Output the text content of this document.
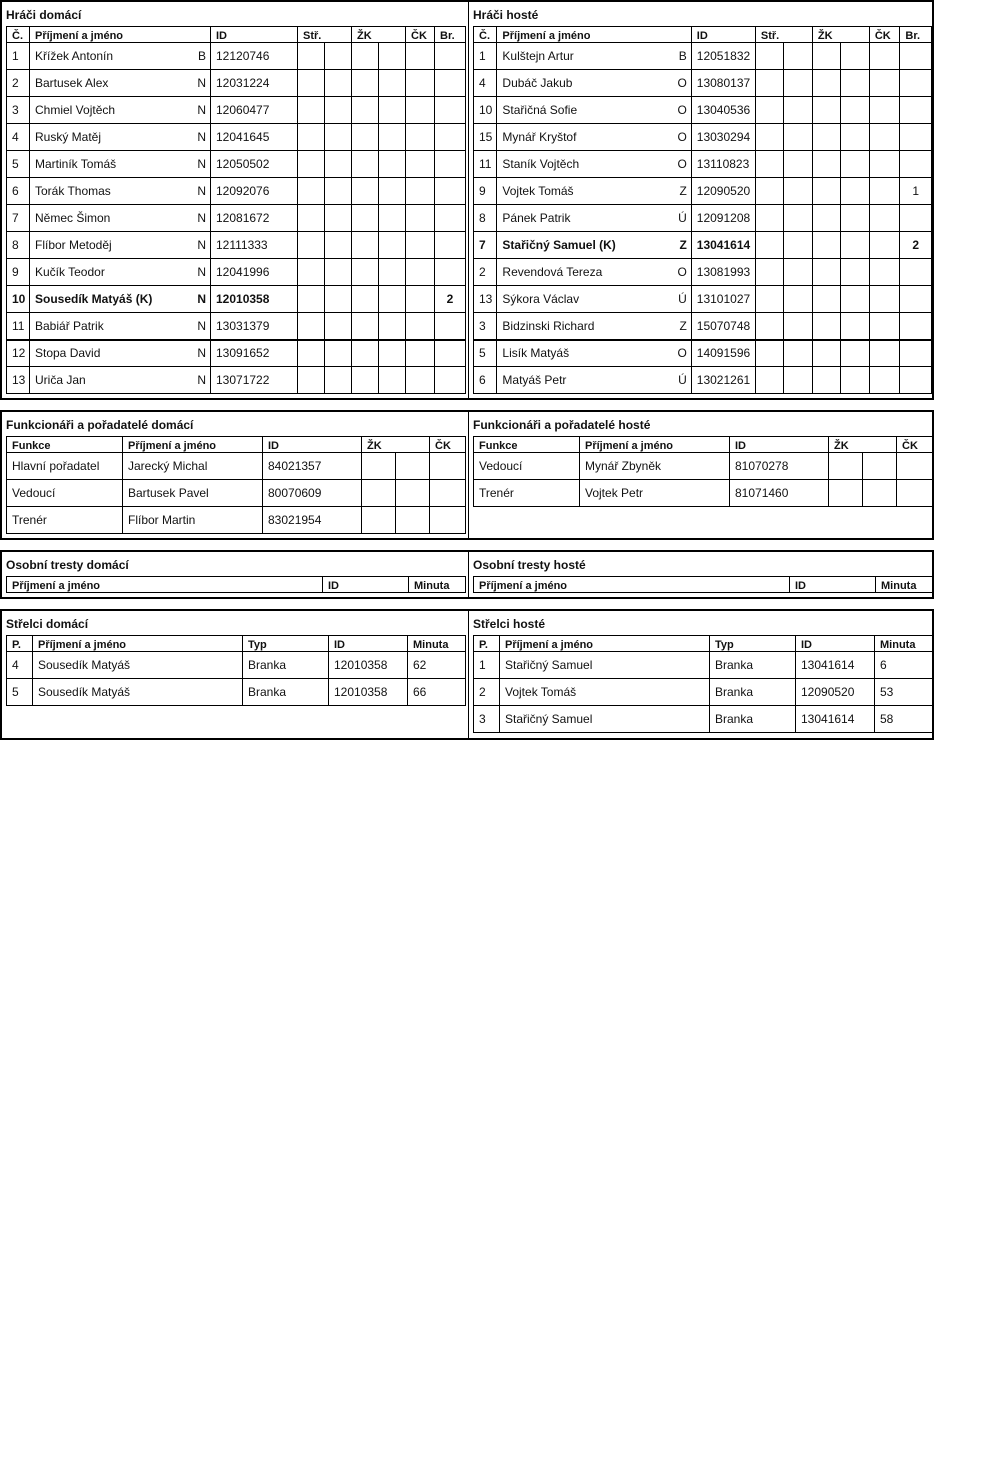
Hráči domácí
Č.	Příjmení a jméno	ID	Stř.		ŽK		ČK	Br.
1	Křížek Antonín B	12120746						
2	Bartusek Alex N	12031224						
3	Chmiel Vojtěch N	12060477						
4	Ruský Matěj N	12041645						
5	Martiník Tomáš N	12050502						
6	Torák Thomas N	12092076						
7	Němec Šimon N	12081672						
8	Flíbor Metoděj N	12111333						
9	Kučík Teodor N	12041996						
10	Sousedík Matyáš (K) N	12010358						2
11	Babiář Patrik N	13031379						
12	Stopa David N	13091652						
13	Uriča Jan N	13071722						
Hráči hosté
Č.	Příjmení a jméno	ID	Stř.		ŽK		ČK	Br.
1	Kulštejn Artur B	12051832						
4	Dubáč Jakub O	13080137						
10	Stařičná Sofie O	13040536						
15	Mynář Kryštof O	13030294						
11	Staník Vojtěch O	13110823						
9	Vojtek Tomáš Z	12090520						1
8	Pánek Patrik Ú	12091208						
7	Stařičný Samuel (K) Z	13041614						2
2	Revendová Tereza O	13081993						
13	Sýkora Václav Ú	13101027						
3	Bidzinski Richard Z	15070748						
5	Lisík Matyáš O	14091596						
6	Matyáš Petr Ú	13021261						
Funkcionáři a pořadatelé domácí
Funkce	Příjmení a jméno	ID	ŽK		ČK
Hlavní pořadatel	Jarecký Michal	84021357			
Vedoucí	Bartusek Pavel	80070609			
Trenér	Flíbor Martin	83021954			
Funkcionáři a pořadatelé hosté
Funkce	Příjmení a jméno	ID	ŽK		ČK
Vedoucí	Mynář Zbyněk	81070278			
Trenér	Vojtek Petr	81071460			
Osobní tresty domácí
Příjmení a jméno	ID	Minuta
Osobní tresty hosté
Příjmení a jméno	ID	Minuta
Střelci domácí
P.	Příjmení a jméno	Typ	ID	Minuta
4	Sousedík Matyáš	Branka	12010358	62
5	Sousedík Matyáš	Branka	12010358	66
Střelci hosté
P.	Příjmení a jméno	Typ	ID	Minuta
1	Stařičný Samuel	Branka	13041614	6
2	Vojtek Tomáš	Branka	12090520	53
3	Stařičný Samuel	Branka	13041614	58
